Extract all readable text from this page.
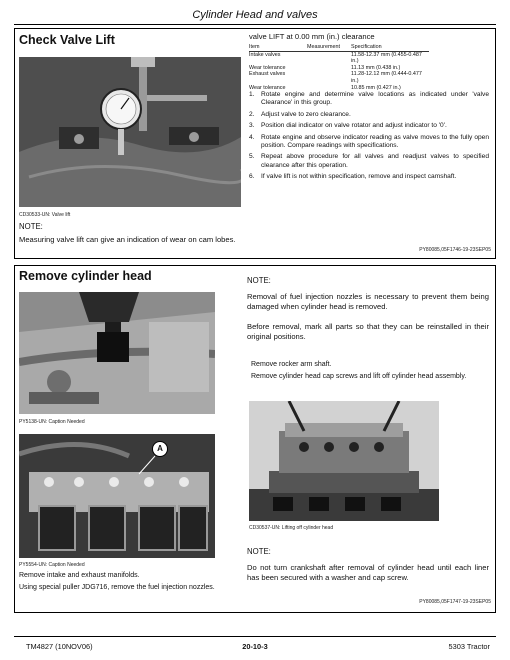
Cylinder Head and valves
Check Valve Lift
CD30533-UN: Valve lift
NOTE:
Measuring valve lift can give an indication of wear on cam lobes.
valve LIFT at 0.00 mm (in.) clearance
Item	Measurement	Specification
Intake valves		11.58-12.37 mm (0.455-0.487 in.)
Wear tolerance		11.13 mm (0.438 in.)
Exhaust valves		11.28-12.12 mm (0.444-0.477 in.)
Wear tolerance		10.85 mm (0.427 in.)
1. Rotate engine and determine valve locations as indicated under 'valve Clearance' in this group.
2. Adjust valve to zero clearance.
3. Position dial indicator on valve rotator and adjust indicator to '0'.
4. Rotate engine and observe indicator reading as valve moves to the fully open position. Compare readings with specifications.
5. Repeat above procedure for all valves and readjust valves to specified clearance after this operation.
6. If valve lift is not within specification, remove and inspect camshaft.
PY80085,05F1746-19-23SEP05
Remove cylinder head
PY5138-UN: Caption Needed
A
PY5554-UN: Caption Needed
Remove intake and exhaust manifolds.
Using special puller JDG716, remove the fuel injection nozzles.
NOTE:
Removal of fuel injection nozzles is necessary to prevent them being damaged when cylinder head is removed.
Before removal, mark all parts so that they can be reinstalled in their original positions.
Remove rocker arm shaft.
Remove cylinder head cap screws and lift off cylinder head assembly.
CD30537-UN: Lifting off cylinder head
NOTE:
Do not turn crankshaft after removal of cylinder head until each liner has been secured with a washer and cap screw.
PY80085,05F1747-19-23SEP05
TM4827 (10NOV06)	20-10-3	5303 Tractor
